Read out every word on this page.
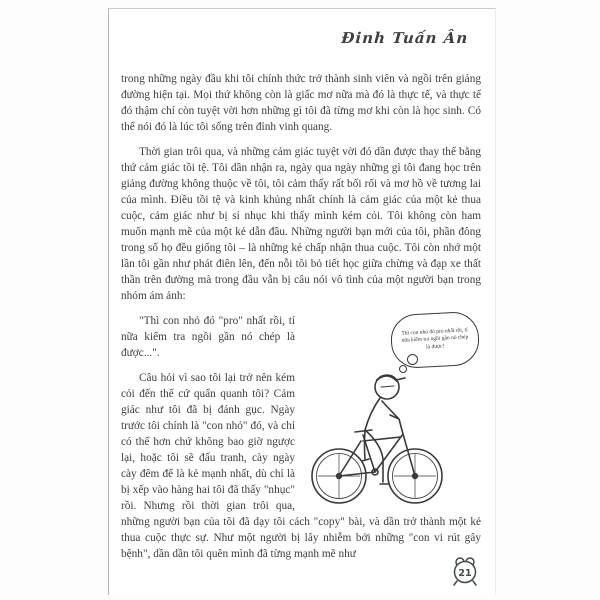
Đinh Tuấn Ân

trong những ngày đầu khi tôi chính thức trở thành sinh viên và ngồi trên giảng đường hiện tại. Mọi thứ không còn là giấc mơ nữa mà đó là thực tế, và thực tế đó thậm chí còn tuyệt vời hơn những gì tôi đã từng mơ khi còn là học sinh. Có thể nói đó là lúc tôi sống trên đỉnh vinh quang.

Thời gian trôi qua, và những cảm giác tuyệt vời đó dần được thay thế bằng thứ cảm giác tồi tệ. Tôi dần nhận ra, ngày qua ngày những gì tôi đang học trên giảng đường không thuộc về tôi, tôi cảm thấy rất bối rối và mơ hồ về tương lai của mình. Điều tồi tệ và kinh khủng nhất chính là cảm giác của một kẻ thua cuộc, cảm giác như bị sỉ nhục khi thấy mình kém cỏi. Tôi không còn ham muốn mạnh mẽ của một kẻ dẫn đầu. Những người bạn mới của tôi, phần đông trong số họ đều giống tôi – là những kẻ chấp nhận thua cuộc. Tôi còn nhớ một lần tôi gần như phát điên lên, đến nỗi tôi bỏ tiết học giữa chừng và đạp xe thất thần trên đường mà trong đầu vẫn bị câu nói vô tình của một người bạn trong nhóm ám ảnh:

Thì con nhỏ đó pro nhất rồi, tí nữa kiểm tra ngồi gần nó chép là được!

"Thì con nhỏ đó "pro" nhất rồi, tí nữa kiểm tra ngồi gần nó chép là được...".

Câu hỏi vì sao tôi lại trở nên kém cỏi đến thế cứ quẩn quanh tôi? Cảm giác như tôi đã bị đánh gục. Ngày trước tôi chính là "con nhỏ" đó, và chỉ có thể hơn chứ không bao giờ ngược lại, hoặc tôi sẽ đấu tranh, cày ngày cày đêm để là kẻ mạnh nhất, dù chỉ là bị xếp vào hàng hai tôi đã thấy "nhục" rồi. Nhưng rồi thời gian trôi qua, những người bạn của tôi đã dạy tôi cách "copy" bài, và dần trở thành một kẻ thua cuộc thực sự. Như một người bị lây nhiễm bởi những "con vi rút gây bệnh", dần dần tôi quên mình đã từng mạnh mẽ như

21
